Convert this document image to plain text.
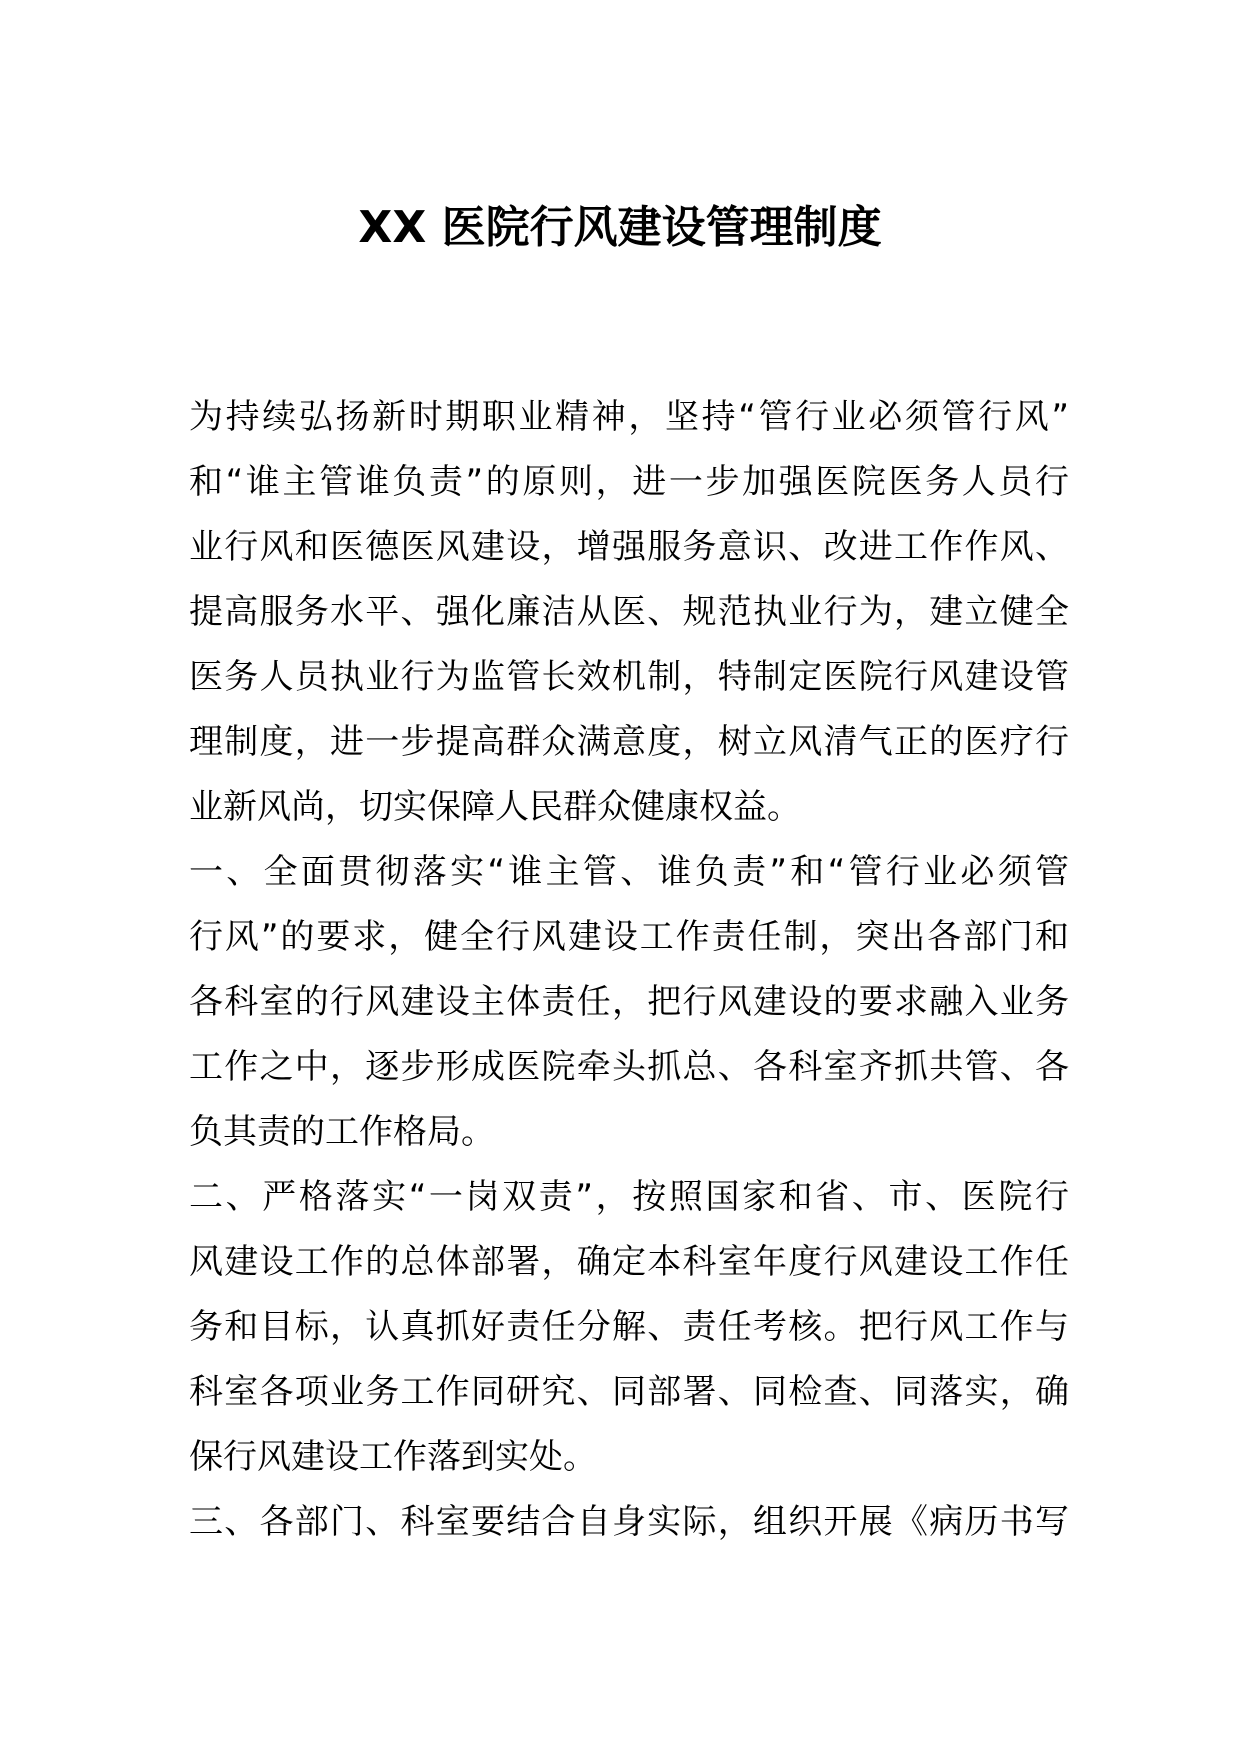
XX 医院行风建设管理制度
为持续弘扬新时期职业精神，坚持“管行业必须管行风”
和“谁主管谁负责”的原则，进一步加强医院医务人员行
业行风和医德医风建设，增强服务意识、改进工作作风、
提高服务水平、强化廉洁从医、规范执业行为，建立健全
医务人员执业行为监管长效机制，特制定医院行风建设管
理制度，进一步提高群众满意度，树立风清气正的医疗行
业新风尚，切实保障人民群众健康权益。
一、全面贯彻落实“谁主管、谁负责”和“管行业必须管
行风”的要求，健全行风建设工作责任制，突出各部门和
各科室的行风建设主体责任，把行风建设的要求融入业务
工作之中，逐步形成医院牵头抓总、各科室齐抓共管、各
负其责的工作格局。
二、严格落实“一岗双责”，按照国家和省、市、医院行
风建设工作的总体部署，确定本科室年度行风建设工作任
务和目标，认真抓好责任分解、责任考核。把行风工作与
科室各项业务工作同研究、同部署、同检查、同落实，确
保行风建设工作落到实处。
三、各部门、科室要结合自身实际，组织开展《病历书写
